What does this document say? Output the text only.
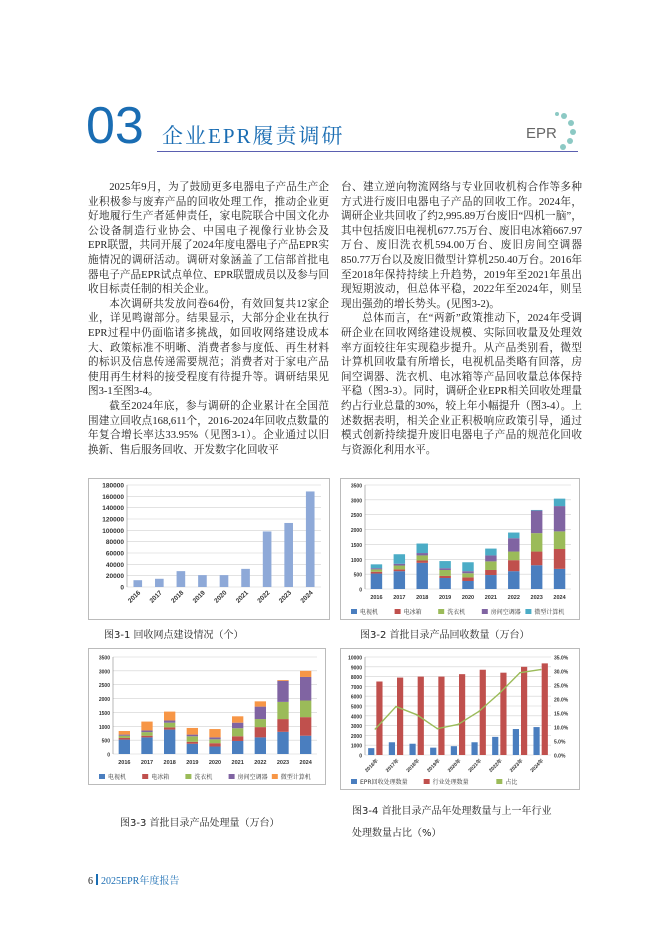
03 企业EPR履责调研	EPR

2025年9月，为了鼓励更多电器电子产品生产企业积极参与废弃产品的回收处理工作，推动企业更好地履行生产者延伸责任，家电院联合中国文化办公设备制造行业协会、中国电子视像行业协会及EPR联盟，共同开展了2024年度电器电子产品EPR实施情况的调研活动。调研对象涵盖了工信部首批电器电子产品EPR试点单位、EPR联盟成员以及参与回收目标责任制的相关企业。

本次调研共发放问卷64份，有效回复共12家企业，详见鸣谢部分。结果显示，大部分企业在执行EPR过程中仍面临诸多挑战，如回收网络建设成本大、政策标准不明晰、消费者参与度低、再生材料的标识及信息传递需要规范；消费者对于家电产品使用再生材料的接受程度有待提升等。调研结果见图3-1至图3-4。

截至2024年底，参与调研的企业累计在全国范围建立回收点168,611个，2016-2024年回收点数量的年复合增长率达33.95%（见图3-1）。企业通过以旧换新、售后服务回收、开发数字化回收平

台、建立逆向物流网络与专业回收机构合作等多种方式进行废旧电器电子产品的回收工作。2024年，调研企业共回收了约2,995.89万台废旧“四机一脑”，其中包括废旧电视机677.75万台、废旧电冰箱667.97万台、废旧洗衣机594.00万台、废旧房间空调器850.77万台以及废旧微型计算机250.40万台。2016年至2018年保持持续上升趋势，2019年至2021年虽出现短期波动，但总体平稳，2022年至2024年，则呈现出强劲的增长势头。(见图3-2)。

总体而言，在“两新”政策推动下，2024年受调研企业在回收网络建设规模、实际回收量及处理效率方面较往年实现稳步提升。从产品类别看，微型计算机回收量有所增长，电视机品类略有回落，房间空调器、洗衣机、电冰箱等产品回收量总体保持平稳（图3-3）。同时，调研企业EPR相关回收处理量约占行业总量的30%，较上年小幅提升（图3-4）。上述数据表明，相关企业正积极响应政策引导，通过模式创新持续提升废旧电器电子产品的规范化回收与资源化利用水平。

0
20000
40000
60000
80000
100000
120000
140000
160000
180000
2016 2017 2018 2019 2020 2021 2022 2023 2024
图3-1 回收网点建设情况（个）
0
500
1000
1500
2000
2500
3000
3500
2016 2017 2018 2019 2020 2021 2022 2023 2024
电视机	电冰箱	洗衣机	房间空调器 微型计算机
图3-2 首批目录产品回收数量（万台）
0
500
1000
1500
2000
2500
3000
3500
2016 2017 2018 2019 2020 2021 2022 2023 2024
电视机	电冰箱	洗衣机	房间空调器 微型计算机
图3-3 首批目录产品处理量（万台）
0
1000
2000
3000
4000
5000
6000
7000
8000
9000
10000
2016年 2017年 2018年 2019年 2020年 2021年 2022年 2023年 2024年
0.0%
5.0%
10.0%
15.0%
20.0%
25.0%
30.0%
35.0%
EPR回收处理数量	行业处理数量	占比
图3-4 首批目录产品年处理数量与上一年行业
处理数量占比（%）
6 2025EPR年度报告
